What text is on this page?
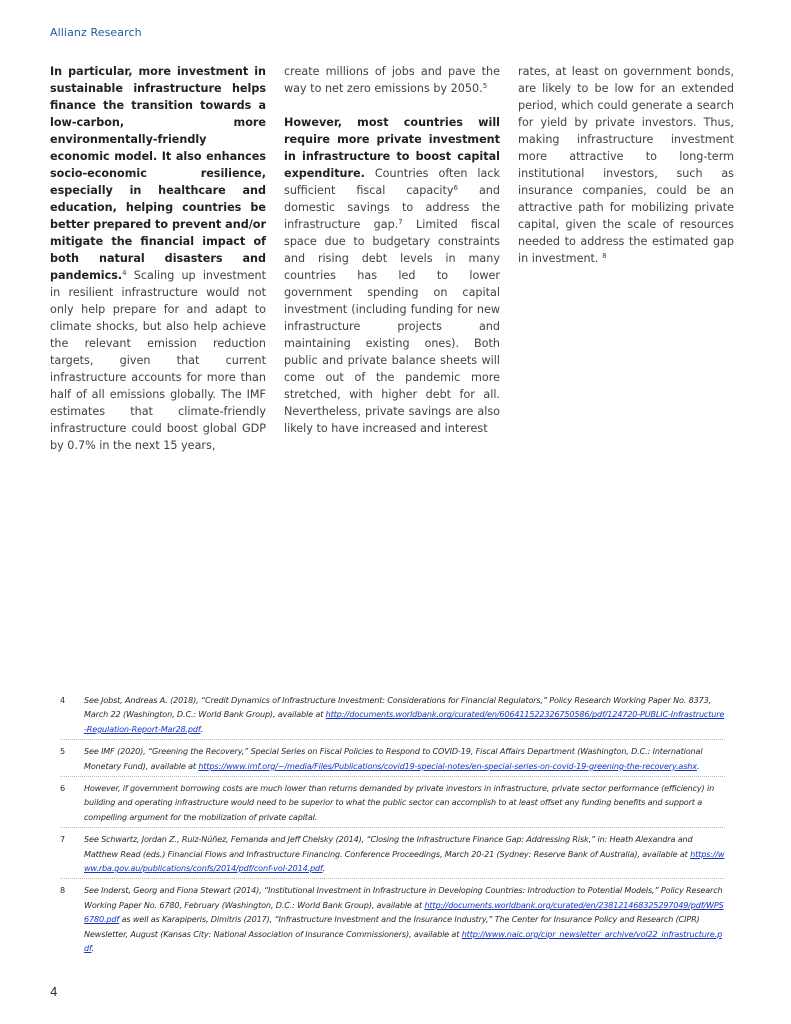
Allianz Research

In particular, more investment in sustainable infrastructure helps finance the transition towards a low-carbon, more environmentally-friendly economic model. It also enhances socio-economic resilience, especially in healthcare and education, helping countries be better prepared to prevent and/or mitigate the financial impact of both natural disasters and pandemics.$^4$ Scaling up investment in resilient infrastructure would not only help prepare for and adapt to climate shocks, but also help achieve the relevant emission reduction targets, given that current infrastructure accounts for more than half of all emissions globally. The IMF estimates that climate-friendly infrastructure could boost global GDP by 0.7% in the next 15 years,

create millions of jobs and pave the way to net zero emissions by 2050.$^5$

However, most countries will require more private investment in infrastructure to boost capital expenditure. Countries often lack sufficient fiscal capacity$^6$ and domestic savings to address the infrastructure gap.$^7$ Limited fiscal space due to budgetary constraints and rising debt levels in many countries has led to lower government spending on capital investment (including funding for new infrastructure projects and maintaining existing ones). Both public and private balance sheets will come out of the pandemic more stretched, with higher debt for all. Nevertheless, private savings are also likely to have increased and interest

rates, at least on government bonds, are likely to be low for an extended period, which could generate a search for yield by private investors. Thus, making infrastructure investment more attractive to long-term institutional investors, such as insurance companies, could be an attractive path for mobilizing private capital, given the scale of resources needed to address the estimated gap in investment. $^8$

4 See Jobst, Andreas A. (2018), “Credit Dynamics of Infrastructure Investment: Considerations for Financial Regulators,” Policy Research Working Paper No. 8373, March 22 (Washington, D.C.: World Bank Group), available at http://documents.worldbank.org/curated/en/606411522326750586/pdf/124720-PUBLIC-Infrastructure-Regulation-Report-Mar28.pdf.
5 See IMF (2020), “Greening the Recovery,” Special Series on Fiscal Policies to Respond to COVID-19, Fiscal Affairs Department (Washington, D.C.: International Monetary Fund), available at https://www.imf.org/~/media/Files/Publications/covid19-special-notes/en-special-series-on-covid-19-greening-the-recovery.ashx.
6 However, if government borrowing costs are much lower than returns demanded by private investors in infrastructure, private sector performance (efficiency) in building and operating infrastructure would need to be superior to what the public sector can accomplish to at least offset any funding benefits and support a compelling argument for the mobilization of private capital.
7 See Schwartz, Jordan Z., Ruiz-Núñez, Fernanda and Jeff Chelsky (2014), “Closing the Infrastructure Finance Gap: Addressing Risk,” in: Heath Alexandra and Matthew Read (eds.) Financial Flows and Infrastructure Financing. Conference Proceedings, March 20-21 (Sydney: Reserve Bank of Australia), available at https://www.rba.gov.au/publications/confs/2014/pdf/conf-vol-2014.pdf.
8 See Inderst, Georg and Fiona Stewart (2014), “Institutional Investment in Infrastructure in Developing Countries: Introduction to Potential Models,” Policy Research Working Paper No. 6780, February (Washington, D.C.: World Bank Group), available at http://documents.worldbank.org/curated/en/238121468325297049/pdf/WPS6780.pdf as well as Karapiperis, Dimitris (2017), “Infrastructure Investment and the Insurance Industry,” The Center for Insurance Policy and Research (CIPR) Newsletter, August (Kansas City: National Association of Insurance Commissioners), available at http://www.naic.org/cipr_newsletter_archive/vol22_infrastructure.pdf.
4
